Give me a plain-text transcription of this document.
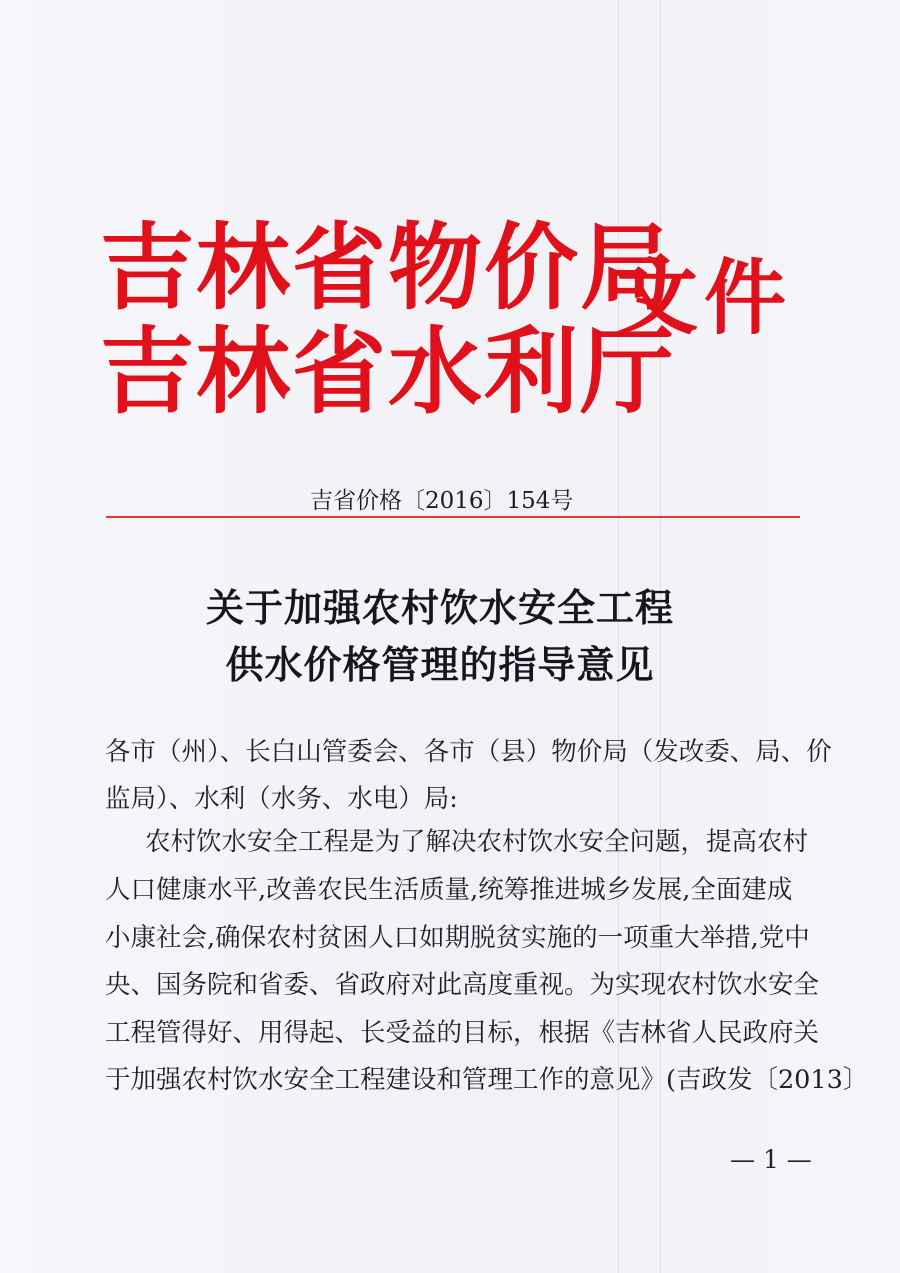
吉林省物价局
吉林省水利厅
文件
吉省价格〔2016〕154号
关于加强农村饮水安全工程
供水价格管理的指导意见
各市（州）、长白山管委会、各市（县）物价局（发改委、局、价
监局）、水利（水务、水电）局:
农村饮水安全工程是为了解决农村饮水安全问题，提高农村
人口健康水平,改善农民生活质量,统筹推进城乡发展,全面建成
小康社会,确保农村贫困人口如期脱贫实施的一项重大举措,党中
央、国务院和省委、省政府对此高度重视。为实现农村饮水安全
工程管得好、用得起、长受益的目标，根据《吉林省人民政府关
于加强农村饮水安全工程建设和管理工作的意见》(吉政发〔2013〕
— 1 —
